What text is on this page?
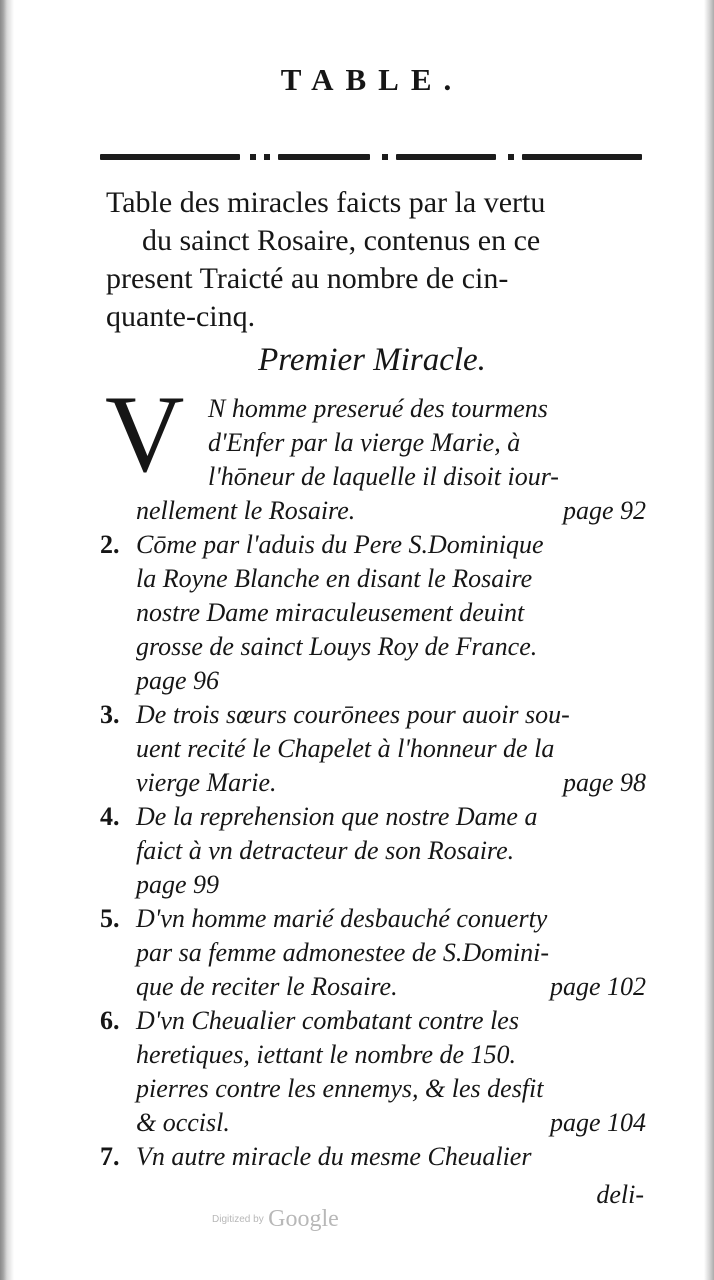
TABLE.
Table des miracles faicts par la vertu
du sainct Rosaire, contenus en ce
present Traicté au nombre de cin-
quante-cinq.
Premier Miracle.
V N homme preserué des tourmens
d'Enfer par la vierge Marie, à
l'hōneur de laquelle il disoit iour-
nellement le Rosaire.	page 92
2. Cōme par l'aduis du Pere S.Dominique
la Royne Blanche en disant le Rosaire
nostre Dame miraculeusement deuint
grosse de sainct Louys Roy de France.
page 96
3. De trois sœurs courōnees pour auoir sou-
uent recité le Chapelet à l'honneur de la
vierge Marie.	page 98
4. De la reprehension que nostre Dame a
faict à vn detracteur de son Rosaire.
page 99
5. D'vn homme marié desbauché conuerty
par sa femme admonestee de S.Domini-
que de reciter le Rosaire.	page 102
6. D'vn Cheualier combatant contre les
heretiques, iettant le nombre de 150.
pierres contre les ennemys, & les desfit
& occisl.	page 104
7. Vn autre miracle du mesme Cheualier
deli-
Digitized by Google
